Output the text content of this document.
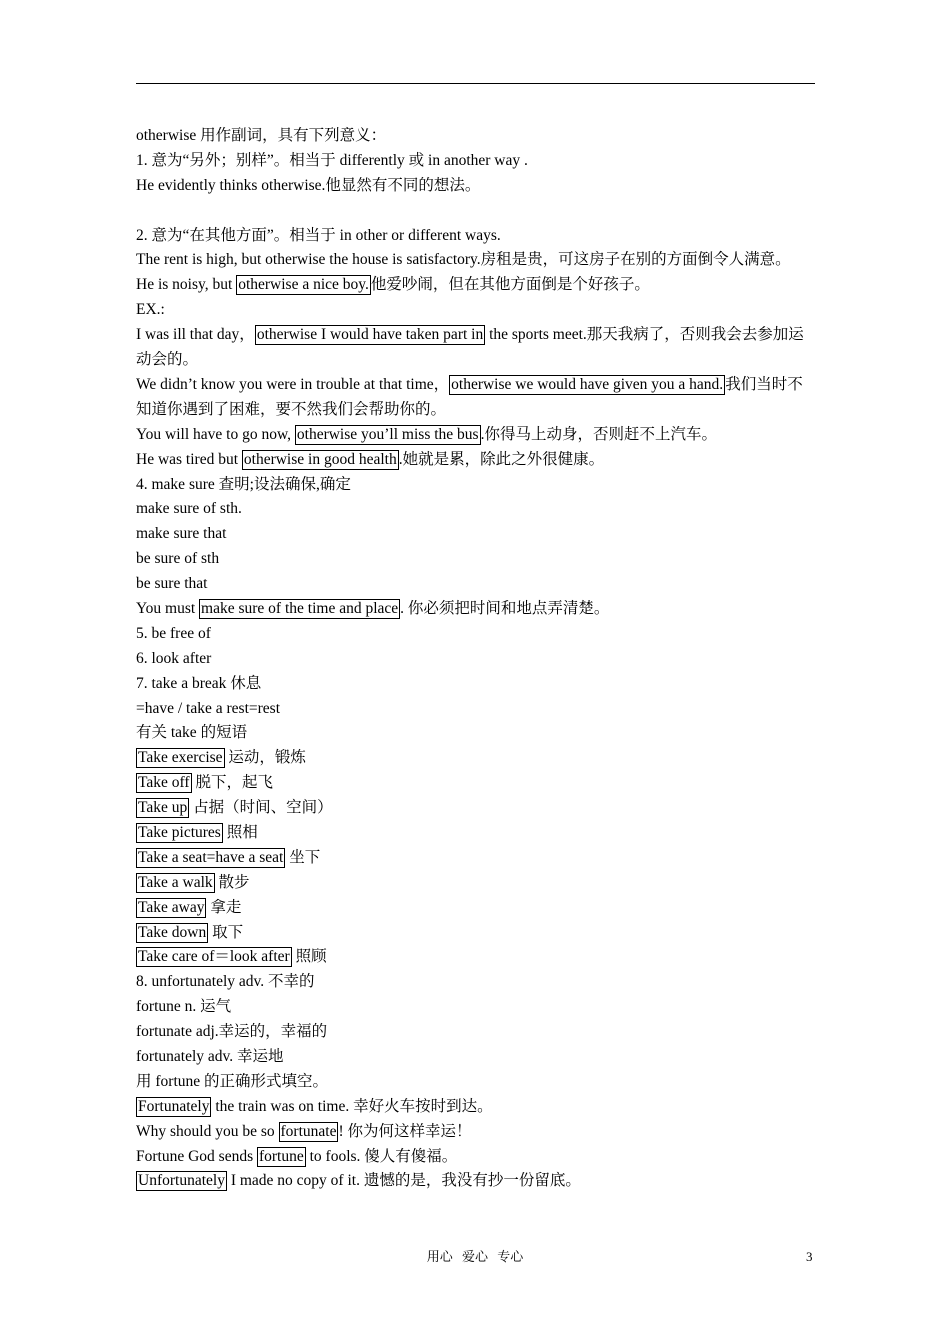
otherwise 用作副词，具有下列意义：
1. 意为“另外；别样”。相当于 differently 或 in another way .
He evidently thinks otherwise.他显然有不同的想法。
2. 意为“在其他方面”。相当于 in other or different ways.
The rent is high, but otherwise the house is satisfactory.房租是贵，可这房子在别的方面倒令人满意。
He is noisy, but otherwise a nice boy. 他爱吵闹，但在其他方面倒是个好孩子。
EX.:
I was ill that day， otherwise I would have taken part in the sports meet.那天我病了，否则我会去参加运动会的。
We didn’t know you were in trouble at that time， otherwise we would have given you a hand. 我们当时不知道你遇到了困难，要不然我们会帮助你的。
You will have to go now, otherwise you’ll miss the bus .你得马上动身，否则赶不上汽车。
He was tired but otherwise in good health .她就是累，除此之外很健康。
4. make sure 查明;设法确保,确定
make sure of sth.
make sure that
be sure of sth
be sure that
You must make sure of the time and place . 你必须把时间和地点弄清楚。
5. be free of
6. look after
7. take a break 休息
=have / take a rest=rest
有关 take 的短语
Take exercise 运动，锻炼
Take off 脱下，起飞
Take up 占据（时间、空间）
Take pictures 照相
Take a seat=have a seat 坐下
Take a walk 散步
Take away 拿走
Take down 取下
Take care of＝look after 照顾
8. unfortunately adv. 不幸的
fortune n. 运气
fortunate adj.幸运的，幸福的
fortunately adv. 幸运地
用 fortune 的正确形式填空。
Fortunately the train was on time. 幸好火车按时到达。
Why should you be so fortunate ! 你为何这样幸运！
Fortune God sends fortune to fools. 傻人有傻福。
Unfortunately I made no copy of it. 遗憾的是，我没有抄一份留底。
用心 爱心 专心	3
